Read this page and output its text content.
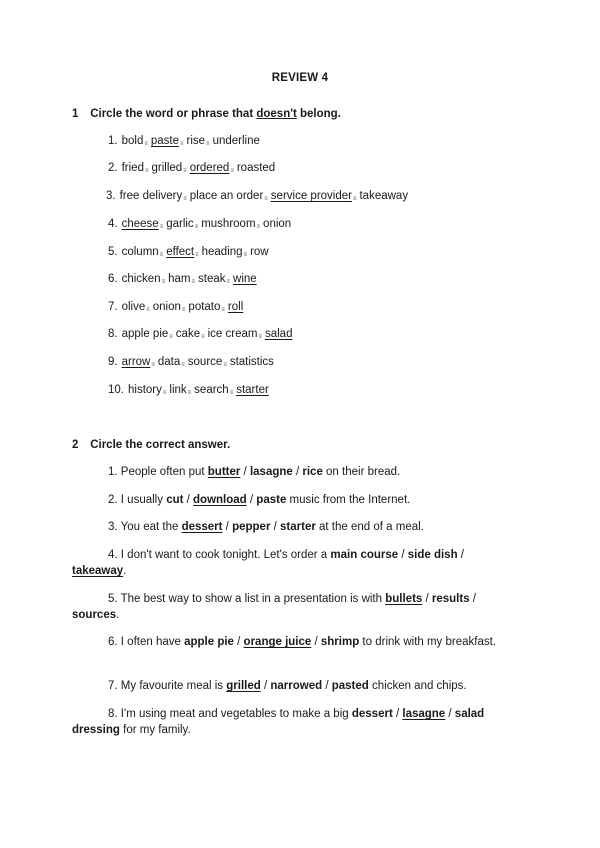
REVIEW 4
1 Circle the word or phrase that doesn't belong.
1. bold≡ paste≡ rise≡ underline
2. fried≡ grilled≡ ordered≡ roasted
3. free delivery≡ place an order≡ service provider≡ takeaway
4. cheese≡ garlic≡ mushroom≡ onion
5. column≡ effect≡ heading≡ row
6. chicken≡ ham≡ steak≡ wine
7. olive≡ onion≡ potato≡ roll
8. apple pie≡ cake≡ ice cream≡ salad
9. arrow≡ data≡ source≡ statistics
10. history≡ link≡ search≡ starter
2 Circle the correct answer.
1. People often put butter / lasagne / rice on their bread.
2. I usually cut / download / paste music from the Internet.
3. You eat the dessert / pepper / starter at the end of a meal.
4. I don't want to cook tonight. Let's order a main course / side dish / takeaway.
5. The best way to show a list in a presentation is with bullets / results / sources.
6. I often have apple pie / orange juice / shrimp to drink with my breakfast.
7. My favourite meal is grilled / narrowed / pasted chicken and chips.
8. I'm using meat and vegetables to make a big dessert / lasagne / salad dressing for my family.
